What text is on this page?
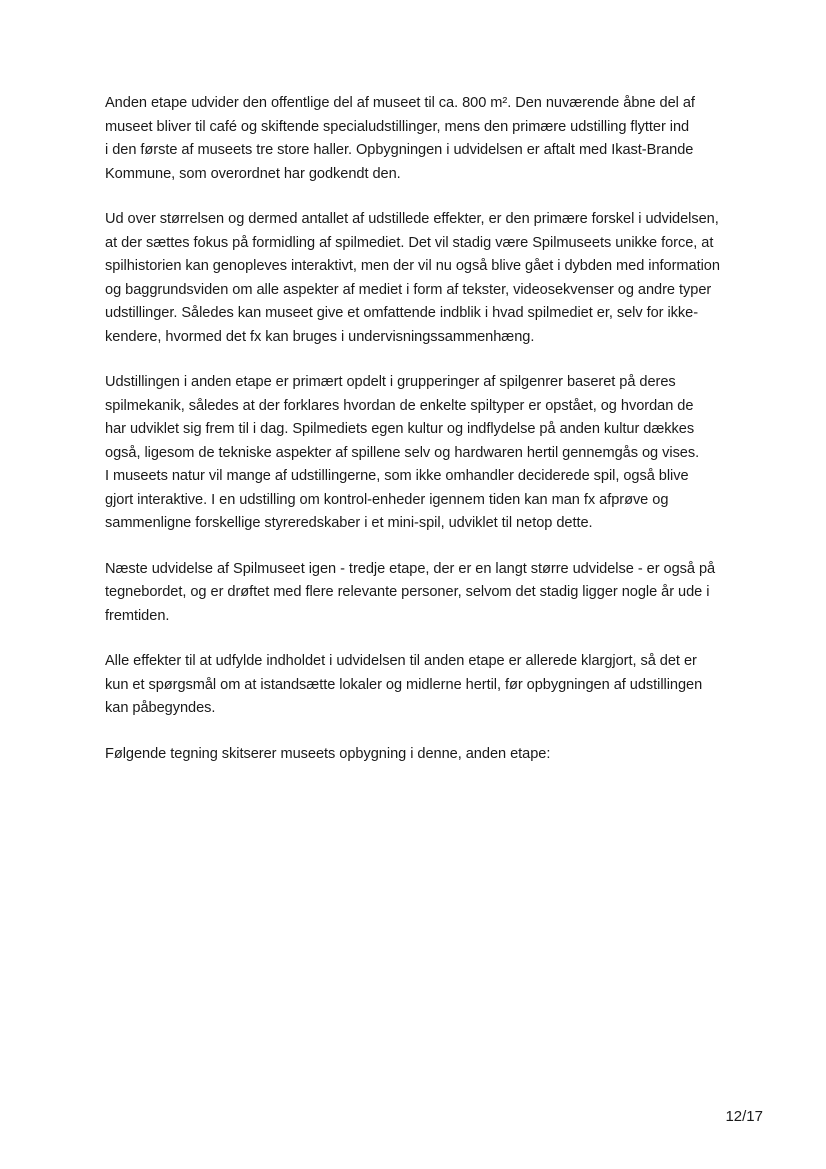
Anden etape udvider den offentlige del af museet til ca. 800 m². Den nuværende åbne del af
museet bliver til café og skiftende specialudstillinger, mens den primære udstilling flytter ind
i den første af museets tre store haller. Opbygningen i udvidelsen er aftalt med Ikast-Brande
Kommune, som overordnet har godkendt den.

Ud over størrelsen og dermed antallet af udstillede effekter, er den primære forskel i udvidelsen,
at der sættes fokus på formidling af spilmediet. Det vil stadig være Spilmuseets unikke force, at
spilhistorien kan genopleves interaktivt, men der vil nu også blive gået i dybden med information
og baggrundsviden om alle aspekter af mediet i form af tekster, videosekvenser og andre typer
udstillinger. Således kan museet give et omfattende indblik i hvad spilmediet er, selv for ikke-
kendere, hvormed det fx kan bruges i undervisningssammenhæng.

Udstillingen i anden etape er primært opdelt i grupperinger af spilgenrer baseret på deres
spilmekanik, således at der forklares hvordan de enkelte spiltyper er opstået, og hvordan de
har udviklet sig frem til i dag. Spilmediets egen kultur og indflydelse på anden kultur dækkes
også, ligesom de tekniske aspekter af spillene selv og hardwaren hertil gennemgås og vises.
I museets natur vil mange af udstillingerne, som ikke omhandler deciderede spil, også blive
gjort interaktive. I en udstilling om kontrol-enheder igennem tiden kan man fx afprøve og
sammenligne forskellige styreredskaber i et mini-spil, udviklet til netop dette.

Næste udvidelse af Spilmuseet igen - tredje etape, der er en langt større udvidelse - er også på
tegnebordet, og er drøftet med flere relevante personer, selvom det stadig ligger nogle år ude i
fremtiden.

Alle effekter til at udfylde indholdet i udvidelsen til anden etape er allerede klargjort, så det er
kun et spørgsmål om at istandsætte lokaler og midlerne hertil, før opbygningen af udstillingen
kan påbegyndes.

Følgende tegning skitserer museets opbygning i denne, anden etape:

12/17
